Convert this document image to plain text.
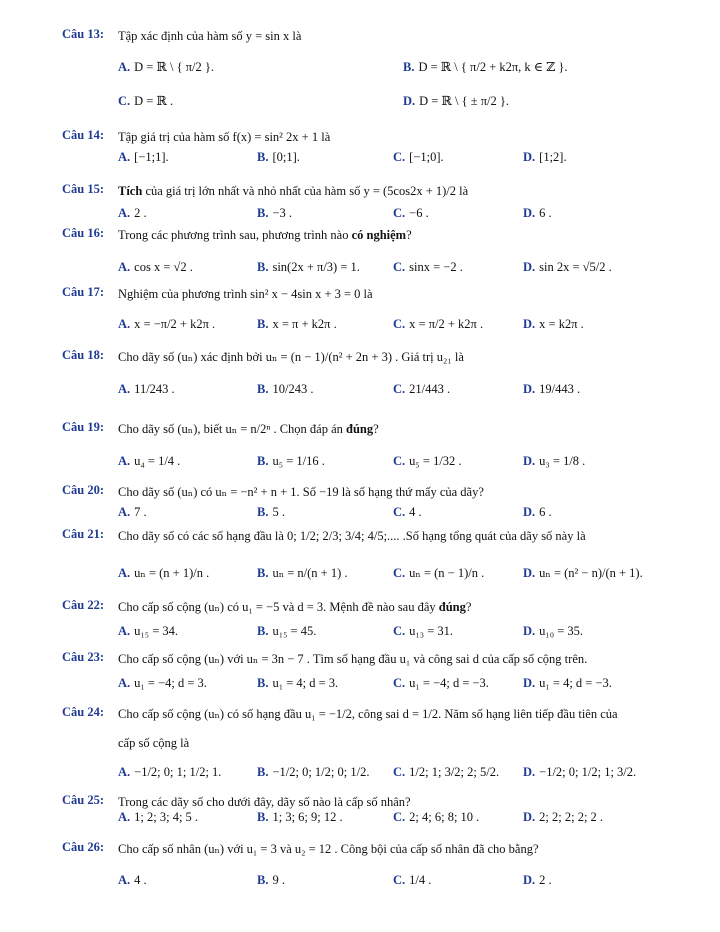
Câu 13: Tập xác định của hàm số y = sin x là
A. D = ℝ \ { π/2 }.	B. D = ℝ \ { π/2 + k2π, k ∈ ℤ }.
C. D = ℝ .	D. D = ℝ \ { ± π/2 }.
Câu 14: Tập giá trị của hàm số f(x) = sin² 2x + 1 là
A. [−1;1].	B. [0;1].	C. [−1;0].	D. [1;2].
Câu 15: Tích của giá trị lớn nhất và nhỏ nhất của hàm số y = (5cos2x + 1)/2 là
A. 2 .	B. −3 .	C. −6 .	D. 6 .
Câu 16: Trong các phương trình sau, phương trình nào có nghiệm?
A. cos x = √2 .	B. sin(2x + π/3) = 1.	C. sinx = −2 .	D. sin 2x = √5/2 .
Câu 17: Nghiệm của phương trình sin² x − 4sin x + 3 = 0 là
A. x = −π/2 + k2π .	B. x = π + k2π .	C. x = π/2 + k2π .	D. x = k2π .
Câu 18: Cho dãy số (uₙ) xác định bởi uₙ = (n − 1)/(n² + 2n + 3) . Giá trị u₂₁ là
A. 11/243 .	B. 10/243 .	C. 21/443 .	D. 19/443 .
Câu 19: Cho dãy số (uₙ), biết uₙ = n/2ⁿ . Chọn đáp án đúng?
A. u₄ = 1/4 .	B. u₅ = 1/16 .	C. u₅ = 1/32 .	D. u₃ = 1/8 .
Câu 20: Cho dãy số (uₙ) có uₙ = −n² + n + 1. Số −19 là số hạng thứ mấy của dãy?
A. 7 .	B. 5 .	C. 4 .	D. 6 .
Câu 21: Cho dãy số có các số hạng đầu là 0; 1/2; 2/3; 3/4; 4/5;.... .Số hạng tổng quát của dãy số này là
A. uₙ = (n + 1)/n .	B. uₙ = n/(n + 1) .	C. uₙ = (n − 1)/n .	D. uₙ = (n² − n)/(n + 1).
Câu 22: Cho cấp số cộng (uₙ) có u₁ = −5 và d = 3. Mệnh đề nào sau đây đúng?
A. u₁₅ = 34.	B. u₁₅ = 45.	C. u₁₃ = 31.	D. u₁₀ = 35.
Câu 23: Cho cấp số cộng (uₙ) với uₙ = 3n − 7 . Tìm số hạng đầu u₁ và công sai d của cấp số cộng trên.
A. u₁ = −4; d = 3.	B. u₁ = 4; d = 3.	C. u₁ = −4; d = −3.	D. u₁ = 4; d = −3.
Câu 24: Cho cấp số cộng (uₙ) có số hạng đầu u₁ = −1/2, công sai d = 1/2. Năm số hạng liên tiếp đầu tiên của
cấp số cộng là
A. −1/2; 0; 1; 1/2; 1.	B. −1/2; 0; 1/2; 0; 1/2. C. 1/2; 1; 3/2; 2; 5/2. D. −1/2; 0; 1/2; 1; 3/2.
Câu 25: Trong các dãy số cho dưới đây, dãy số nào là cấp số nhân?
A. 1; 2; 3; 4; 5 .	B. 1; 3; 6; 9; 12 .	C. 2; 4; 6; 8; 10 .	D. 2; 2; 2; 2; 2 .
Câu 26: Cho cấp số nhân (uₙ) với u₁ = 3 và u₂ = 12 . Công bội của cấp số nhân đã cho bằng?
A. 4 .	B. 9 .	C. 1/4 .	D. 2 .
